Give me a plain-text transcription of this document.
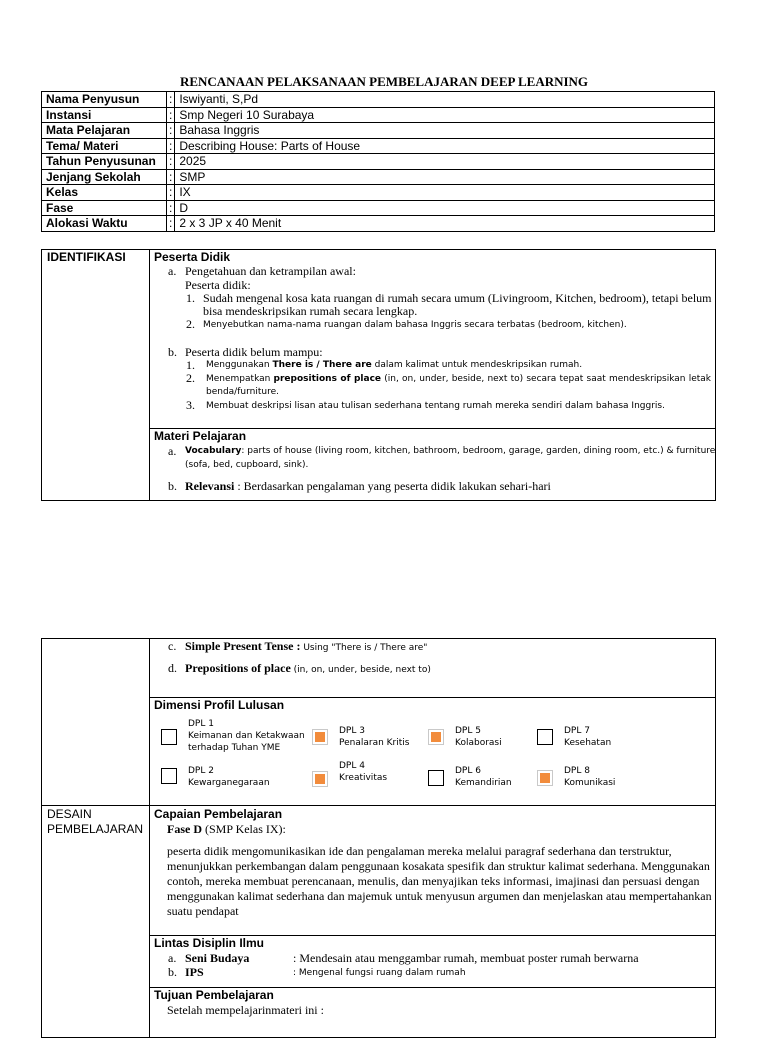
RENCANAAN PELAKSANAAN PEMBELAJARAN DEEP LEARNING
Nama Penyusun	:	Iswiyanti, S,Pd
Instansi	:	Smp Negeri 10 Surabaya
Mata Pelajaran	:	Bahasa Inggris
Tema/ Materi	:	Describing House: Parts of House
Tahun Penyusunan	:	2025
Jenjang Sekolah	:	SMP
Kelas	:	IX
Fase	:	D
Alokasi Waktu	:	2 x 3 JP x 40 Menit
IDENTIFIKASI Peserta Didik
a. Pengetahuan dan ketrampilan awal:
Peserta didik:
1. Sudah mengenal kosa kata ruangan di rumah secara umum (Livingroom, Kitchen, bedroom), tetapi belum
bisa mendeskripsikan rumah secara lengkap.
2. Menyebutkan nama-nama ruangan dalam bahasa Inggris secara terbatas (bedroom, kitchen).
b. Peserta didik belum mampu:
1. Menggunakan There is / There are dalam kalimat untuk mendeskripsikan rumah.
2. Menempatkan prepositions of place (in, on, under, beside, next to) secara tepat saat mendeskripsikan letak
benda/furniture.
3. Membuat deskripsi lisan atau tulisan sederhana tentang rumah mereka sendiri dalam bahasa Inggris.
Materi Pelajaran
a. Vocabulary: parts of house (living room, kitchen, bathroom, bedroom, garage, garden, dining room, etc.) & furniture
(sofa, bed, cupboard, sink).
b. Relevansi : Berdasarkan pengalaman yang peserta didik lakukan sehari-hari
c. Simple Present Tense : Using "There is / There are"
d. Prepositions of place (in, on, under, beside, next to)
Dimensi Profil Lulusan
DPL 1
Keimanan dan Ketakwaan
terhadap Tuhan YME
DPL 3
Penalaran Kritis
DPL 5
Kolaborasi
DPL 7
Kesehatan
DPL 2
Kewarganegaraan
DPL 4
Kreativitas
DPL 6
Kemandirian
DPL 8
Komunikasi
DESAIN
PEMBELAJARAN
Capaian Pembelajaran
Fase D (SMP Kelas IX):
peserta didik mengomunikasikan ide dan pengalaman mereka melalui paragraf sederhana dan terstruktur,
menunjukkan perkembangan dalam penggunaan kosakata spesifik dan struktur kalimat sederhana. Menggunakan
contoh, mereka membuat perencanaan, menulis, dan menyajikan teks informasi, imajinasi dan persuasi dengan
menggunakan kalimat sederhana dan majemuk untuk menyusun argumen dan menjelaskan atau mempertahankan
suatu pendapat
Lintas Disiplin Ilmu
a. Seni Budaya	: Mendesain atau menggambar rumah, membuat poster rumah berwarna
b. IPS	: Mengenal fungsi ruang dalam rumah
Tujuan Pembelajaran
Setelah mempelajarinmateri ini :
